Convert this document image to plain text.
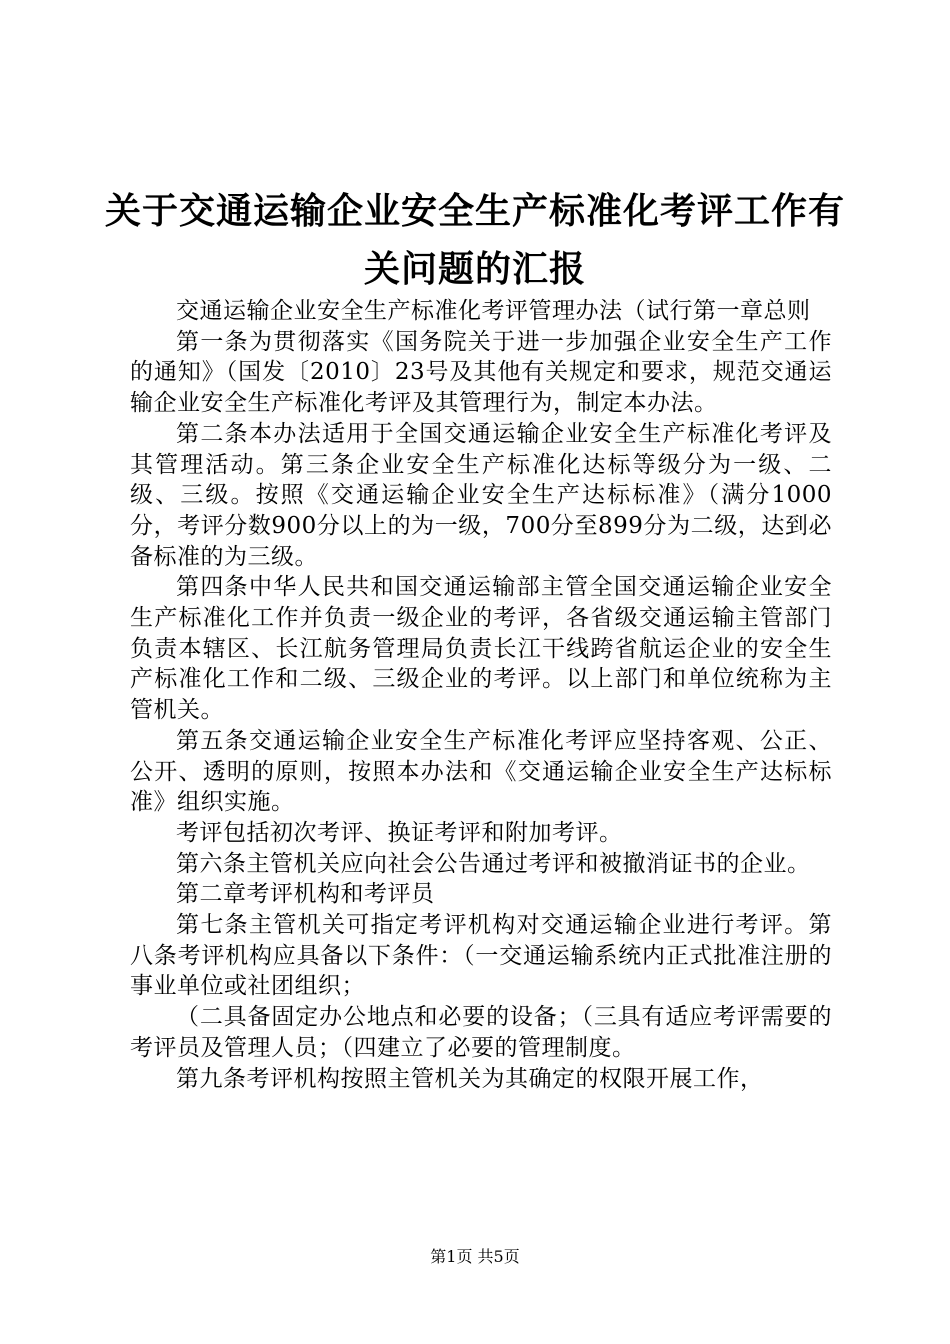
关于交通运输企业安全生产标准化考评工作有关问题的汇报

交通运输企业安全生产标准化考评管理办法（试行第一章总则

第一条为贯彻落实《国务院关于进一步加强企业安全生产工作的通知》（国发〔2010〕23号及其他有关规定和要求，规范交通运输企业安全生产标准化考评及其管理行为，制定本办法。

第二条本办法适用于全国交通运输企业安全生产标准化考评及其管理活动。第三条企业安全生产标准化达标等级分为一级、二级、三级。按照《交通运输企业安全生产达标标准》（满分1000分，考评分数900分以上的为一级，700分至899分为二级，达到必备标准的为三级。

第四条中华人民共和国交通运输部主管全国交通运输企业安全生产标准化工作并负责一级企业的考评，各省级交通运输主管部门负责本辖区、长江航务管理局负责长江干线跨省航运企业的安全生产标准化工作和二级、三级企业的考评。以上部门和单位统称为主管机关。

第五条交通运输企业安全生产标准化考评应坚持客观、公正、公开、透明的原则，按照本办法和《交通运输企业安全生产达标标准》组织实施。

考评包括初次考评、换证考评和附加考评。

第六条主管机关应向社会公告通过考评和被撤消证书的企业。

第二章考评机构和考评员

第七条主管机关可指定考评机构对交通运输企业进行考评。第八条考评机构应具备以下条件：（一交通运输系统内正式批准注册的事业单位或社团组织；

（二具备固定办公地点和必要的设备；（三具有适应考评需要的考评员及管理人员；（四建立了必要的管理制度。

第九条考评机构按照主管机关为其确定的权限开展工作，

第1页 共5页
